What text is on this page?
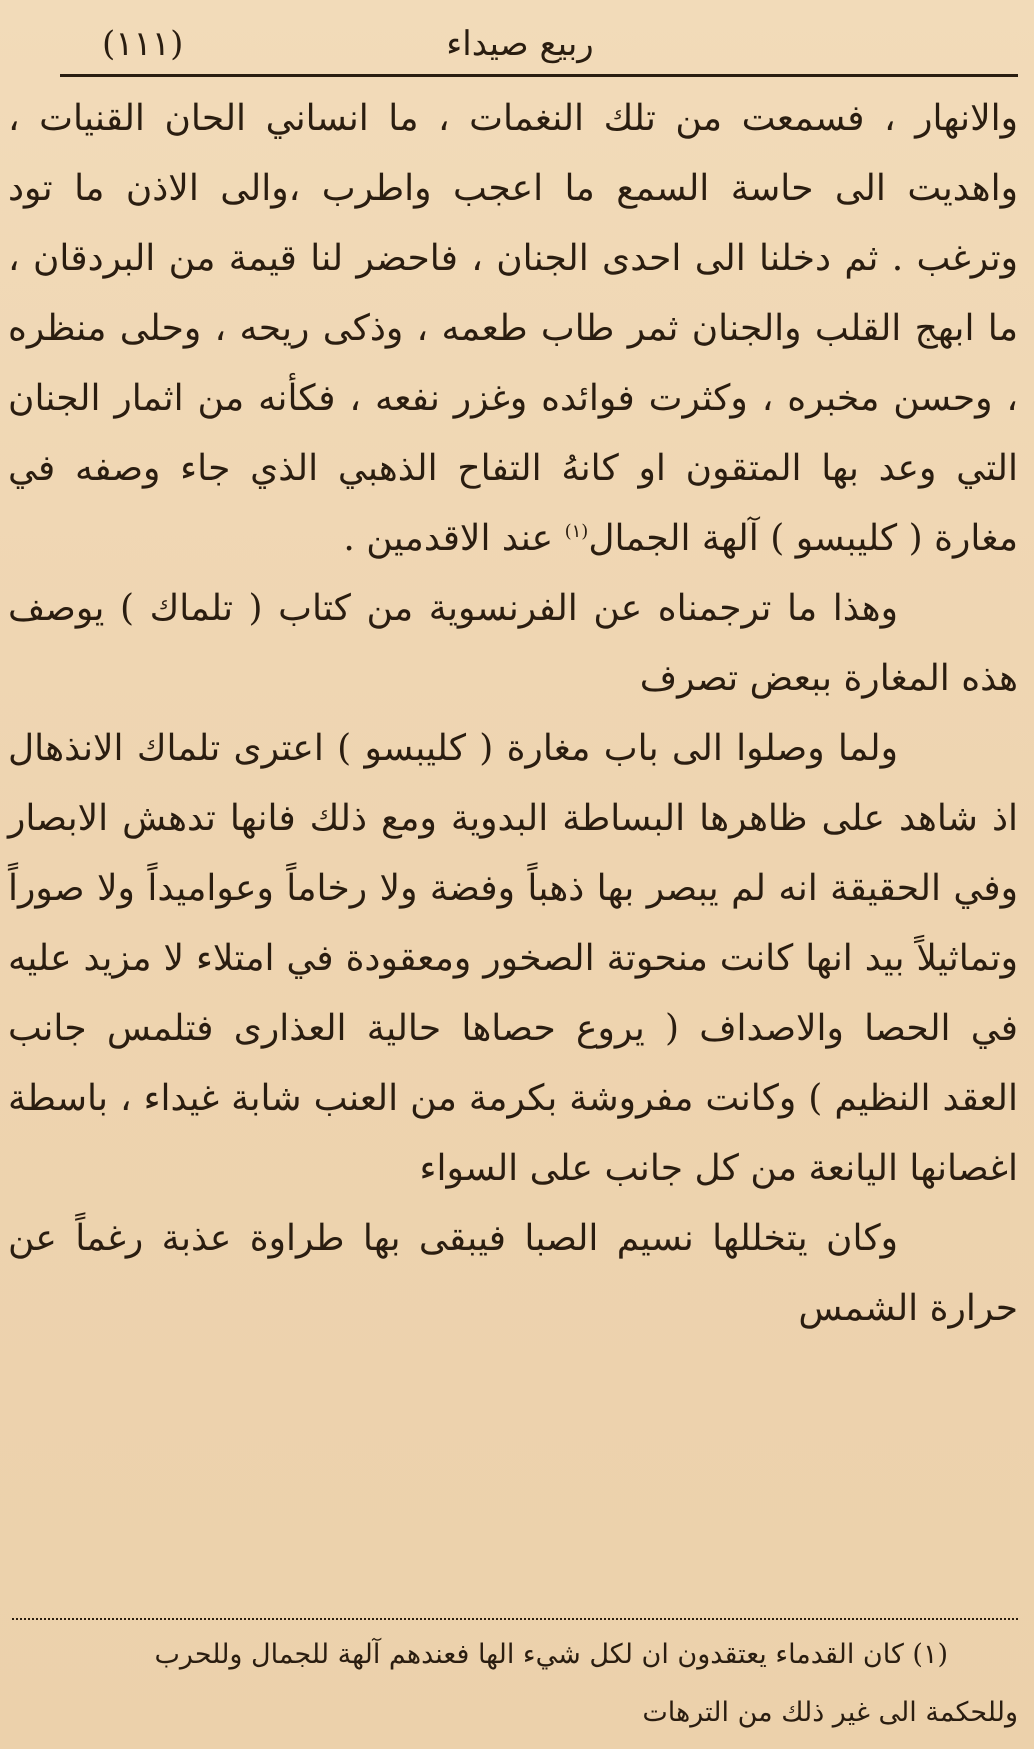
ربيع صيداء
(١١١)

والانهار ، فسمعت من تلك النغمات ، ما انساني الحان القنيات ، واهديت الى حاسة السمع ما اعجب واطرب ،والى الاذن ما تود وترغب . ثم دخلنا الى احدى الجنان ، فاحضر لنا قيمة من البردقان ، ما ابهج القلب والجنان ثمر طاب طعمه ، وذكى ريحه ، وحلى منظره ، وحسن مخبره ، وكثرت فوائده وغزر نفعه ، فكأنه من اثمار الجنان التي وعد بها المتقون او كانهُ التفاح الذهبي الذي جاء وصفه في مغارة ( كليبسو ) آلهة الجمال$^{(١)}$ عند الاقدمين .

وهذا ما ترجمناه عن الفرنسوية من كتاب ( تلماك ) يوصف هذه المغارة ببعض تصرف

ولما وصلوا الى باب مغارة ( كليبسو ) اعترى تلماك الانذهال اذ شاهد على ظاهرها البساطة البدوية ومع ذلك فانها تدهش الابصار وفي الحقيقة انه لم يبصر بها ذهباً وفضة ولا رخاماً وعواميداً ولا صوراً وتماثيلاً بيد انها كانت منحوتة الصخور ومعقودة في امتلاء لا مزيد عليه في الحصا والاصداف ( يروع حصاها حالية العذارى فتلمس جانب العقد النظيم ) وكانت مفروشة بكرمة من العنب شابة غيداء ، باسطة اغصانها اليانعة من كل جانب على السواء

وكان يتخللها نسيم الصبا فيبقى بها طراوة عذبة رغماً عن حرارة الشمس

(١) كان القدماء يعتقدون ان لكل شيء الها فعندهم آلهة للجمال وللحرب

وللحكمة الى غير ذلك من الترهات
